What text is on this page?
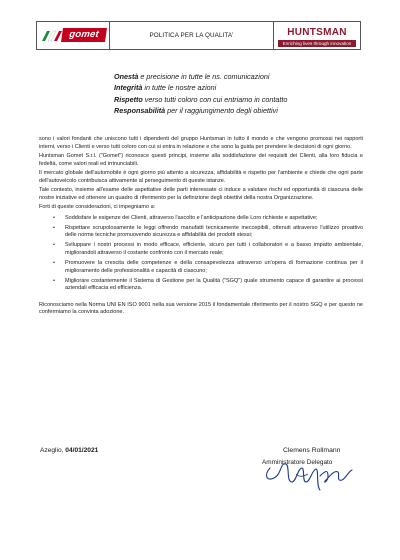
gomet	POLITICA PER LA QUALITA'	HUNTSMAN
Enriching lives through innovation
Onestà e precisione in tutte le ns. comunicazioni
Integrità in tutte le nostre azioni
Rispetto verso tutti coloro con cui entriamo in contatto
Responsabilità per il raggiungimento degli obiettivi

sono i valori fondanti che uniscono tutti i dipendenti del gruppo Huntsman in tutto il mondo e che vengono promossi nei rapporti interni, verso i Clienti e verso tutti coloro con cui si entra in relazione e che sono la guida per prendere le decisioni di ogni giorno.

Huntsman Gomet S.r.l. ("Gomet") riconosce questi principi, insieme alla soddisfazione dei requisiti dei Clienti, alla loro fiducia e fedeltà, come valori reali ed irrinunciabili.

Il mercato globale dell'automobile è ogni giorno più attento a sicurezza, affidabilità e rispetto per l'ambiente e chiede che ogni parte dell'autoveicolo contribuisca attivamente al perseguimento di queste istanze.

Tale contesto, insieme all'esame delle aspettative delle parti interessate ci induce a valutare rischi ed opportunità di ciascuna delle nostre iniziative ed ottenere un quadro di riferimento per la definizione degli obiettivi della nostra Organizzazione.

Forti di queste considerazioni, ci impegniamo a:

• Soddisfare le esigenze dei Clienti, attraverso l'ascolto e l'anticipazione delle Loro richieste e aspettative;
• Rispettare scrupolosamente le leggi offrendo manufatti tecnicamente ineccepibili, ottenuti attraverso l'utilizzo proattivo delle norme tecniche promuovendo sicurezza e affidabilità dei prodotti stessi;
• Sviluppare i nostri processi in modo efficace, efficiente, sicuro per tutti i collaboratori e a basso impatto ambientale, migliorandoli attraverso il costante confronto con il mercato reale;
• Promuovere la crescita delle competenze e della consapevolezza attraverso un'opera di formazione continua per il miglioramento delle professionalità e capacità di ciascuno;
• Migliorare costantemente il Sistema di Gestione per la Qualità ("SGQ") quale strumento capace di garantire ai processi aziendali efficacia ed efficienza.

Riconosciamo nella Norma UNI EN ISO 9001 nella sua versione 2015 il fondamentale riferimento per il nostro SGQ e per questo ne confermiamo la convinta adozione.

Azeglio, 04/01/2021	Clemens Rollmann
Amministratore Delegato
